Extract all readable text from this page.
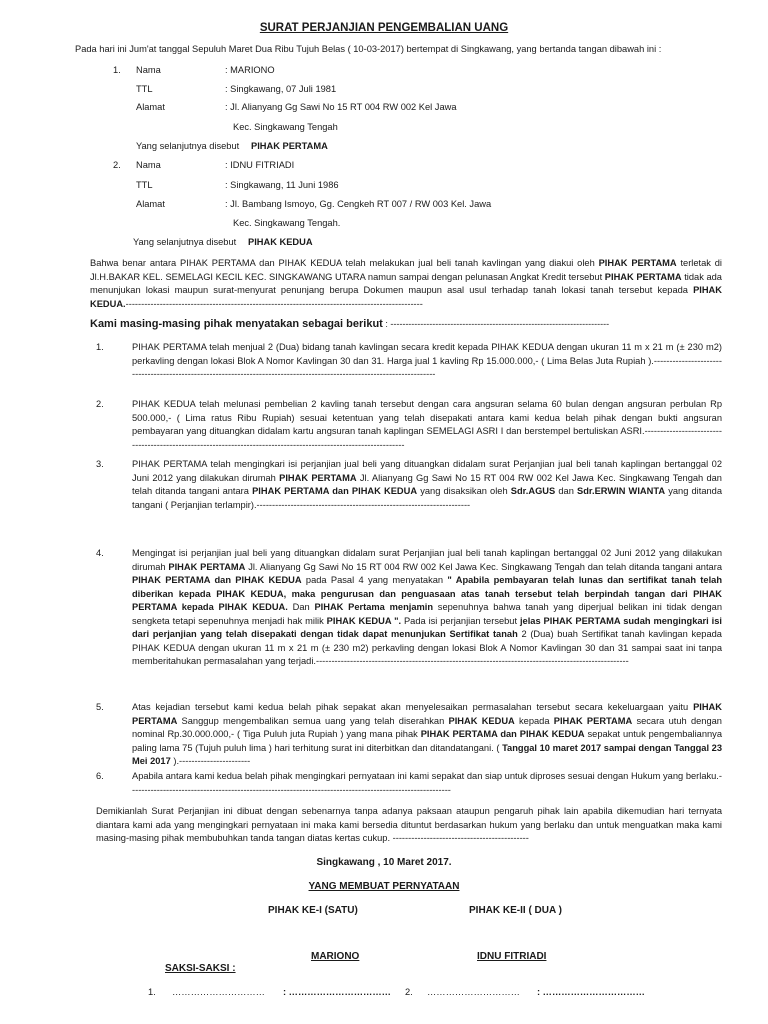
SURAT PERJANJIAN PENGEMBALIAN UANG
Pada hari ini Jum'at tanggal Sepuluh Maret Dua Ribu Tujuh Belas ( 10-03-2017) bertempat di Singkawang, yang bertanda tangan dibawah ini :
1. Nama	: MARIONO
TTL	: Singkawang, 07 Juli 1981
Alamat	: Jl. Alianyang Gg Sawi No 15 RT 004 RW 002 Kel Jawa
Kec. Singkawang Tengah
Yang selanjutnya disebut PIHAK PERTAMA
2. Nama	: IDNU FITRIADI
TTL	: Singkawang, 11 Juni 1986
Alamat	: Jl. Bambang Ismoyo, Gg. Cengkeh RT 007 / RW 003 Kel. Jawa
Kec. Singkawang Tengah.
Yang selanjutnya disebut PIHAK KEDUA
Bahwa benar antara PIHAK PERTAMA dan PIHAK KEDUA telah melakukan jual beli tanah kavlingan yang diakui oleh PIHAK PERTAMA terletak di Jl.H.BAKAR KEL. SEMELAGI KECIL KEC. SINGKAWANG UTARA namun sampai dengan pelunasan Angkat Kredit tersebut PIHAK PERTAMA tidak ada menunjukan lokasi maupun surat-menyurat penunjang berupa Dokumen maupun asal usul terhadap tanah lokasi tanah tersebut kepada PIHAK KEDUA.------------------------------------------------------------------------------------------------
Kami masing-masing pihak menyatakan sebagai berikut : -------------------------------------------------------------------------
1.	PIHAK PERTAMA telah menjual 2 (Dua) bidang tanah kavlingan secara kredit kepada PIHAK KEDUA dengan ukuran 11 m x 21 m (± 230 m2) perkavling dengan lokasi Blok A Nomor Kavlingan 30 dan 31. Harga jual 1 kavling Rp 15.000.000,- ( Lima Belas Juta Rupiah ).------------------------------------------------------------------------------------------------------------------------
2.	PIHAK KEDUA telah melunasi pembelian 2 kavling tanah tersebut dengan cara angsuran selama 60 bulan dengan angsuran perbulan Rp 500.000,- ( Lima ratus Ribu Rupiah) sesuai ketentuan yang telah disepakati antara kami kedua belah pihak dengan bukti angsuran pembayaran yang dituangkan didalam kartu angsuran tanah kaplingan SEMELAGI ASRI I dan berstempel bertuliskan ASRI.-----------------------------------------------------------------------------------------------------------------
3.	PIHAK PERTAMA telah mengingkari isi perjanjian jual beli yang dituangkan didalam surat Perjanjian jual beli tanah kaplingan bertanggal 02 Juni 2012 yang dilakukan dirumah PIHAK PERTAMA Jl. Alianyang Gg Sawi No 15 RT 004 RW 002 Kel Jawa Kec. Singkawang Tengah dan telah ditanda tangani antara PIHAK PERTAMA dan PIHAK KEDUA yang disaksikan oleh Sdr.AGUS dan Sdr.ERWIN WIANTA yang ditanda tangani ( Perjanjian terlampir).---------------------------------------------------------------------
4.	Mengingat isi perjanjian jual beli yang dituangkan didalam surat Perjanjian jual beli tanah kaplingan bertanggal 02 Juni 2012 yang dilakukan dirumah PIHAK PERTAMA Jl. Alianyang Gg Sawi No 15 RT 004 RW 002 Kel Jawa Kec. Singkawang Tengah dan telah ditanda tangani antara PIHAK PERTAMA dan PIHAK KEDUA pada Pasal 4 yang menyatakan " Apabila pembayaran telah lunas dan sertifikat tanah telah diberikan kepada PIHAK KEDUA, maka pengurusan dan penguasaan atas tanah tersebut telah berpindah tangan dari PIHAK PERTAMA kepada PIHAK KEDUA. Dan PIHAK Pertama menjamin sepenuhnya bahwa tanah yang diperjual belikan ini tidak dengan sengketa tetapi sepenuhnya menjadi hak milik PIHAK KEDUA ". Pada isi perjanjian tersebut jelas PIHAK PERTAMA sudah mengingkari isi dari perjanjian yang telah disepakati dengan tidak dapat menunjukan Sertifikat tanah 2 (Dua) buah Sertifikat tanah kavlingan kepada PIHAK KEDUA dengan ukuran 11 m x 21 m (± 230 m2) perkavling dengan lokasi Blok A Nomor Kavlingan 30 dan 31 sampai saat ini tanpa memberitahukan permasalahan yang terjadi.-----------------------------------------------------------------------------------------------------
5.	Atas kejadian tersebut kami kedua belah pihak sepakat akan menyelesaikan permasalahan tersebut secara kekeluargaan yaitu PIHAK PERTAMA Sanggup mengembalikan semua uang yang telah diserahkan PIHAK KEDUA kepada PIHAK PERTAMA secara utuh dengan nominal Rp.30.000.000,- ( Tiga Puluh juta Rupiah ) yang mana pihak PIHAK PERTAMA dan PIHAK KEDUA sepakat untuk pengembaliannya paling lama 75 (Tujuh puluh lima ) hari terhitung surat ini diterbitkan dan ditandatangani. ( Tanggal 10 maret 2017 sampai dengan Tanggal 23 Mei 2017 ).-----------------------
6.	Apabila antara kami kedua belah pihak mengingkari pernyataan ini kami sepakat dan siap untuk diproses sesuai dengan Hukum yang berlaku.--------------------------------------------------------------------------------------------------------
Demikianlah Surat Perjanjian ini dibuat dengan sebenarnya tanpa adanya paksaan ataupun pengaruh pihak lain apabila dikemudian hari ternyata diantara kami ada yang mengingkari pernyataan ini maka kami bersedia dituntut berdasarkan hukum yang berlaku dan untuk menguatkan maka kami masing-masing pihak membubuhkan tanda tangan diatas kertas cukup. --------------------------------------------
Singkawang , 10 Maret 2017.
YANG MEMBUAT PERNYATAAN
PIHAK KE-I (SATU)	PIHAK KE-II ( DUA )
MARIONO	IDNU FITRIADI
SAKSI-SAKSI :
1. ………………………… : …………………………… 2. ………………………… : ……………………………
